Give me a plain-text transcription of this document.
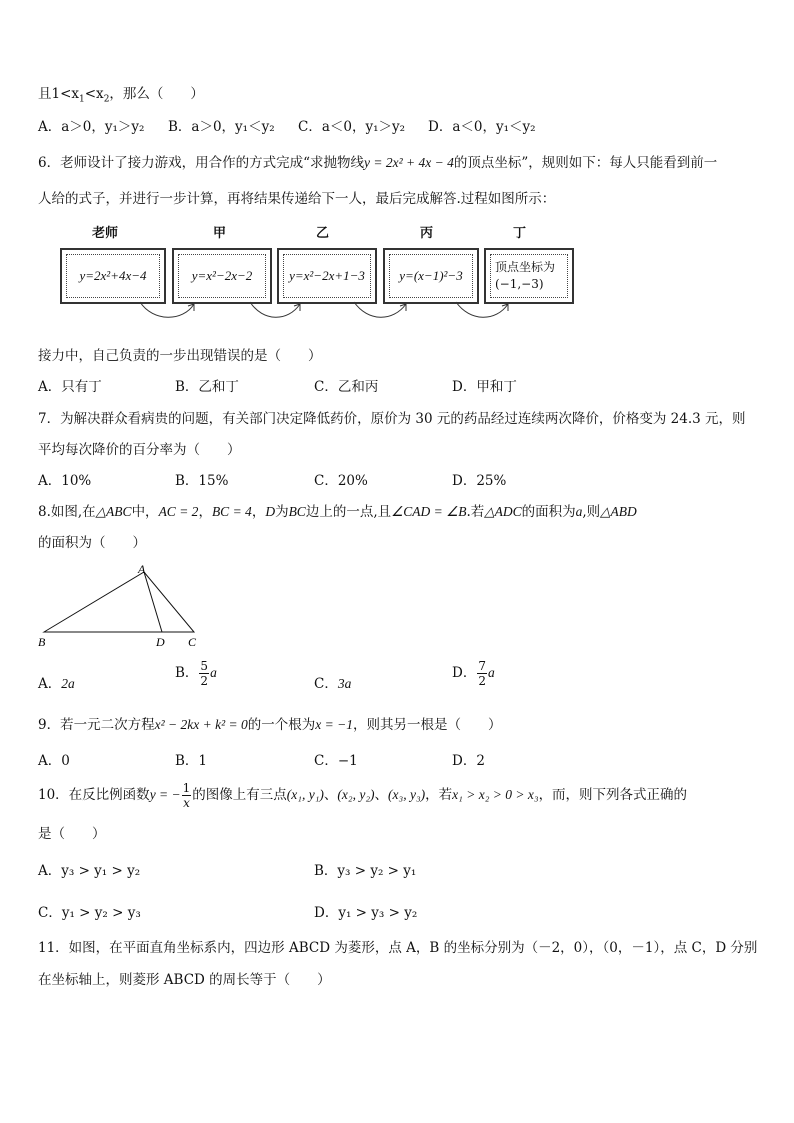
且$1<x_1<x_2$，那么（　　）
A．a＞0，y₁＞y₂ B．a＞0，y₁＜y₂ C．a＜0，y₁＞y₂ D．a＜0，y₁＜y₂
6．老师设计了接力游戏，用合作的方式完成“求抛物线y = 2x² + 4x − 4的顶点坐标”，规则如下：每人只能看到前一
人给的式子，并进行一步计算，再将结果传递给下一人，最后完成解答.过程如图所示：
老师	甲	乙	丙	丁
y=2x²+4x−4	y=x²−2x−2	y=x²−2x+1−3	y=(x−1)²−3
顶点坐标为
(−1,−3)
接力中，自己负责的一步出现错误的是（　　）
A．只有丁	B．乙和丁	C．乙和丙	D．甲和丁
7．为解决群众看病贵的问题，有关部门决定降低药价，原价为 30 元的药品经过连续两次降价，价格变为 24.3 元，则
平均每次降价的百分率为（　　）
A．10%	B．15%	C．20%	D．25%
8.如图,在△ABC中，AC = 2，BC = 4，D为BC边上的一点,且∠CAD = ∠B.若△ADC的面积为a,则△ABD
的面积为（　　）
A
B	D C
A．2a
B． $\frac{5}{2}$ a
C．3a
D． $\frac{7}{2}$ a
9．若一元二次方程x² − 2kx + k² = 0的一个根为x = −1，则其另一根是（　　）
A．0	B．1	C．−1	D．2
10．在反比例函数y = − $\frac{1}{x}$ 的图像上有三点(x₁, y₁)、(x₂, y₂)、(x₃, y₃)，若x₁ > x₂ > 0 > x₃，而，则下列各式正确的
是（　　）
A．y₃ > y₁ > y₂	B．y₃ > y₂ > y₁
C．y₁ > y₂ > y₃	D．y₁ > y₃ > y₂
11．如图，在平面直角坐标系内，四边形 ABCD 为菱形，点 A，B 的坐标分别为（－2，0），（0，－1），点 C，D 分别
在坐标轴上，则菱形 ABCD 的周长等于（　　）
